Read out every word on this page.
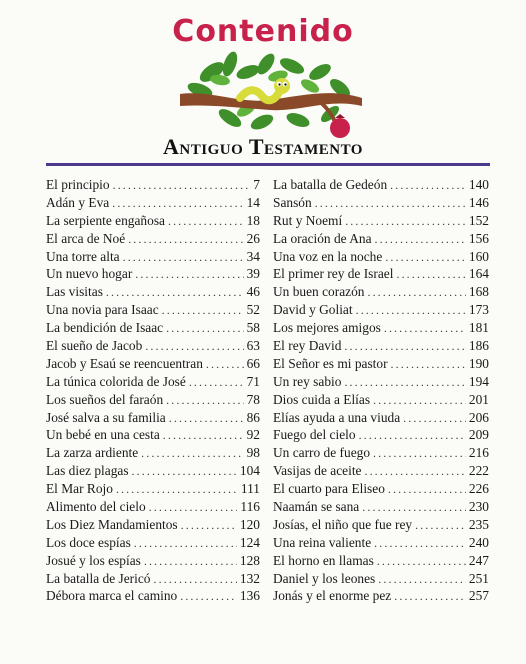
Contenido
Antiguo Testamento
El principio .....	7
Adán y Eva .....	14
La serpiente engañosa .....	18
El arca de Noé .....	26
Una torre alta .....	34
Un nuevo hogar .....	39
Las visitas .....	46
Una novia para Isaac .....	52
La bendición de Isaac .....	58
El sueño de Jacob .....	63
Jacob y Esaú se reencuentran .....	66
La túnica colorida de José .....	71
Los sueños del faraón .....	78
José salva a su familia .....	86
Un bebé en una cesta .....	92
La zarza ardiente .....	98
Las diez plagas .....	104
El Mar Rojo .....	111
Alimento del cielo .....	116
Los Diez Mandamientos .....	120
Los doce espías .....	124
Josué y los espías .....	128
La batalla de Jericó .....	132
Débora marca el camino .....	136
La batalla de Gedeón .....	140
Sansón .....	146
Rut y Noemí .....	152
La oración de Ana .....	156
Una voz en la noche .....	160
El primer rey de Israel .....	164
Un buen corazón .....	168
David y Goliat .....	173
Los mejores amigos .....	181
El rey David .....	186
El Señor es mi pastor .....	190
Un rey sabio .....	194
Dios cuida a Elías .....	201
Elías ayuda a una viuda .....	206
Fuego del cielo .....	209
Un carro de fuego .....	216
Vasijas de aceite .....	222
El cuarto para Eliseo .....	226
Naamán se sana .....	230
Josías, el niño que fue rey .....	235
Una reina valiente .....	240
El horno en llamas .....	247
Daniel y los leones .....	251
Jonás y el enorme pez .....	257
